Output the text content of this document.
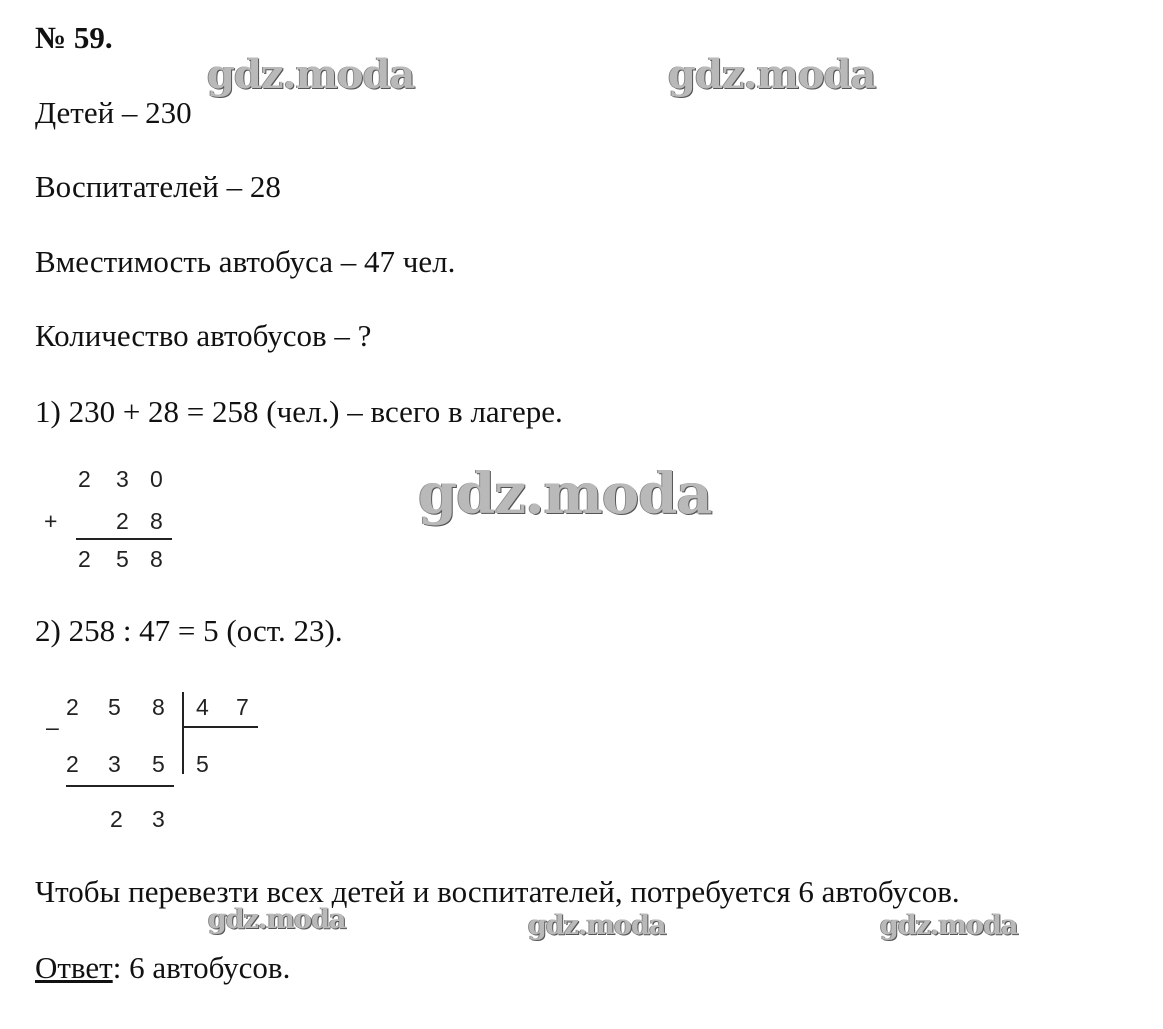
№ 59.
Детей – 230
Воспитателей – 28
Вместимость автобуса – 47 чел.
Количество автобусов – ?
1) 230 + 28 = 258 (чел.) – всего в лагере.
2 3 0
+	2 8
2 5 8
2) 258 : 47 = 5 (ост. 23).
2 5 8 4 7
–
2 3 5 5
2 3
Чтобы перевезти всех детей и воспитателей, потребуется 6 автобусов.
Ответ: 6 автобусов.
gdz.moda	gdz.moda
gdz.moda
gdz.moda	gdz.moda	gdz.moda
